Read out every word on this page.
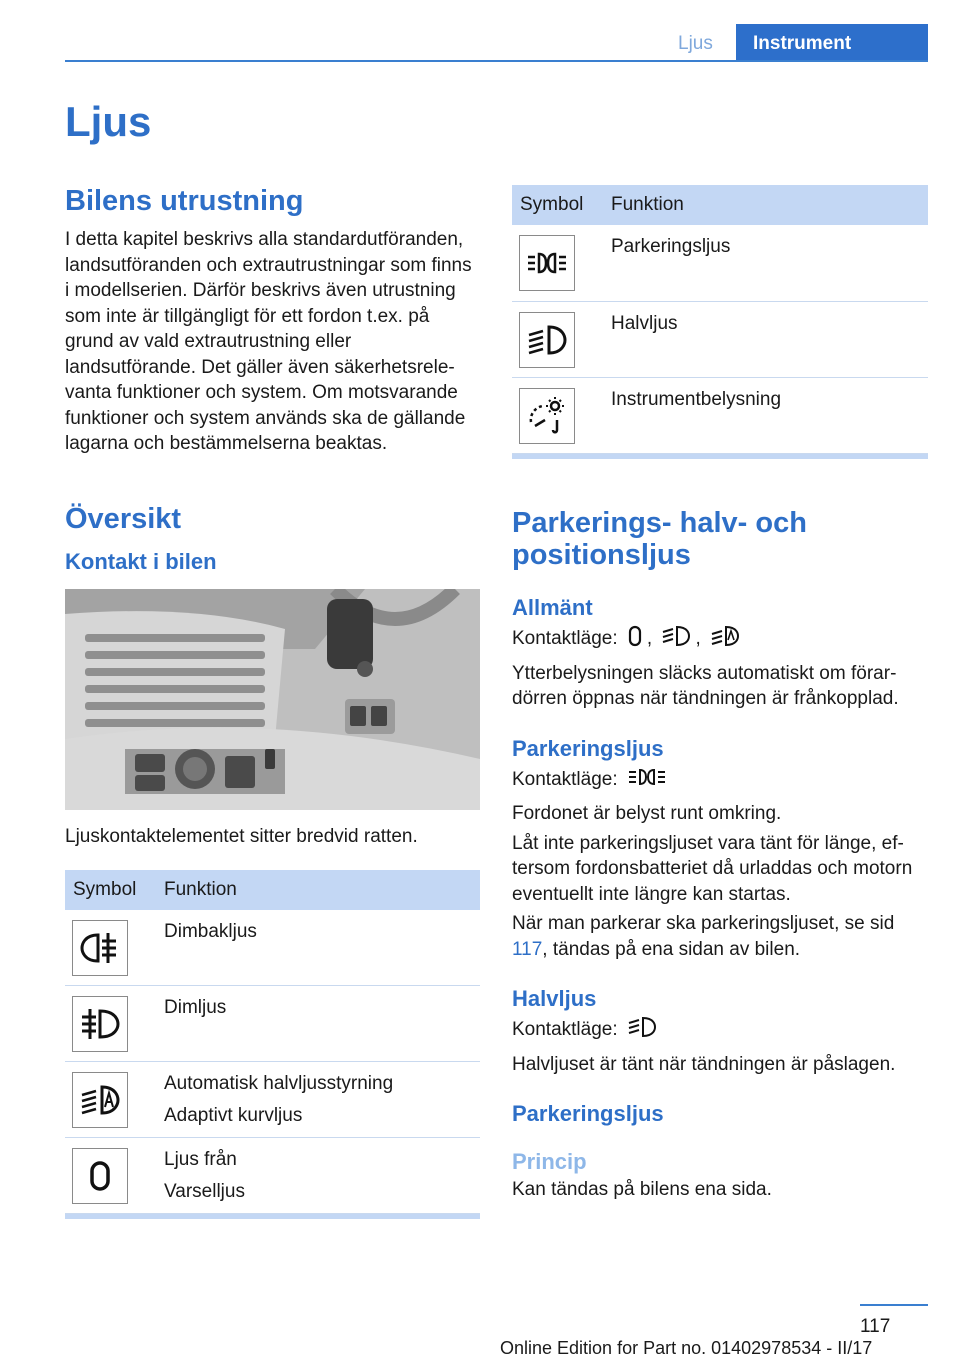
Ljus	Instrument
Ljus
Bilens utrustning
I detta kapitel beskrivs alla standardutföranden, landsutföranden och extrautrustningar som finns i modellserien. Därför beskrivs även utrustning som inte är tillgängligt för ett fordon t.ex. på grund av vald extrautrustning eller landsutförande. Det gäller även säkerhetsrelevanta funktioner och system. Om motsvarande funktioner och system används ska de gällande lagarna och bestämmelserna beaktas.
Översikt
Kontakt i bilen
Ljuskontaktelementet sitter bredvid ratten.
Symbol	Funktion

Dimbakljus

Dimljus

Automatisk halvljusstyrning
Adaptivt kurvljus

Ljus från
Varselljus
Symbol	Funktion

Parkeringsljus

Halvljus

Instrumentbelysning
Parkerings- halv- och positionsljus
Allmänt
Kontaktläge: , ,
Ytterbelysningen släcks automatiskt om förardörren öppnas när tändningen är frånkopplad.
Parkeringsljus
Kontaktläge:
Fordonet är belyst runt omkring.
Låt inte parkeringsljuset vara tänt för länge, eftersom fordonsbatteriet då urladdas och motorn eventuellt inte längre kan startas.
När man parkerar ska parkeringsljuset, se sid 117, tändas på ena sidan av bilen.
Halvljus
Kontaktläge:
Halvljuset är tänt när tändningen är påslagen.
Parkeringsljus
Princip
Kan tändas på bilens ena sida.
117
Online Edition for Part no. 01402978534 - II/17
